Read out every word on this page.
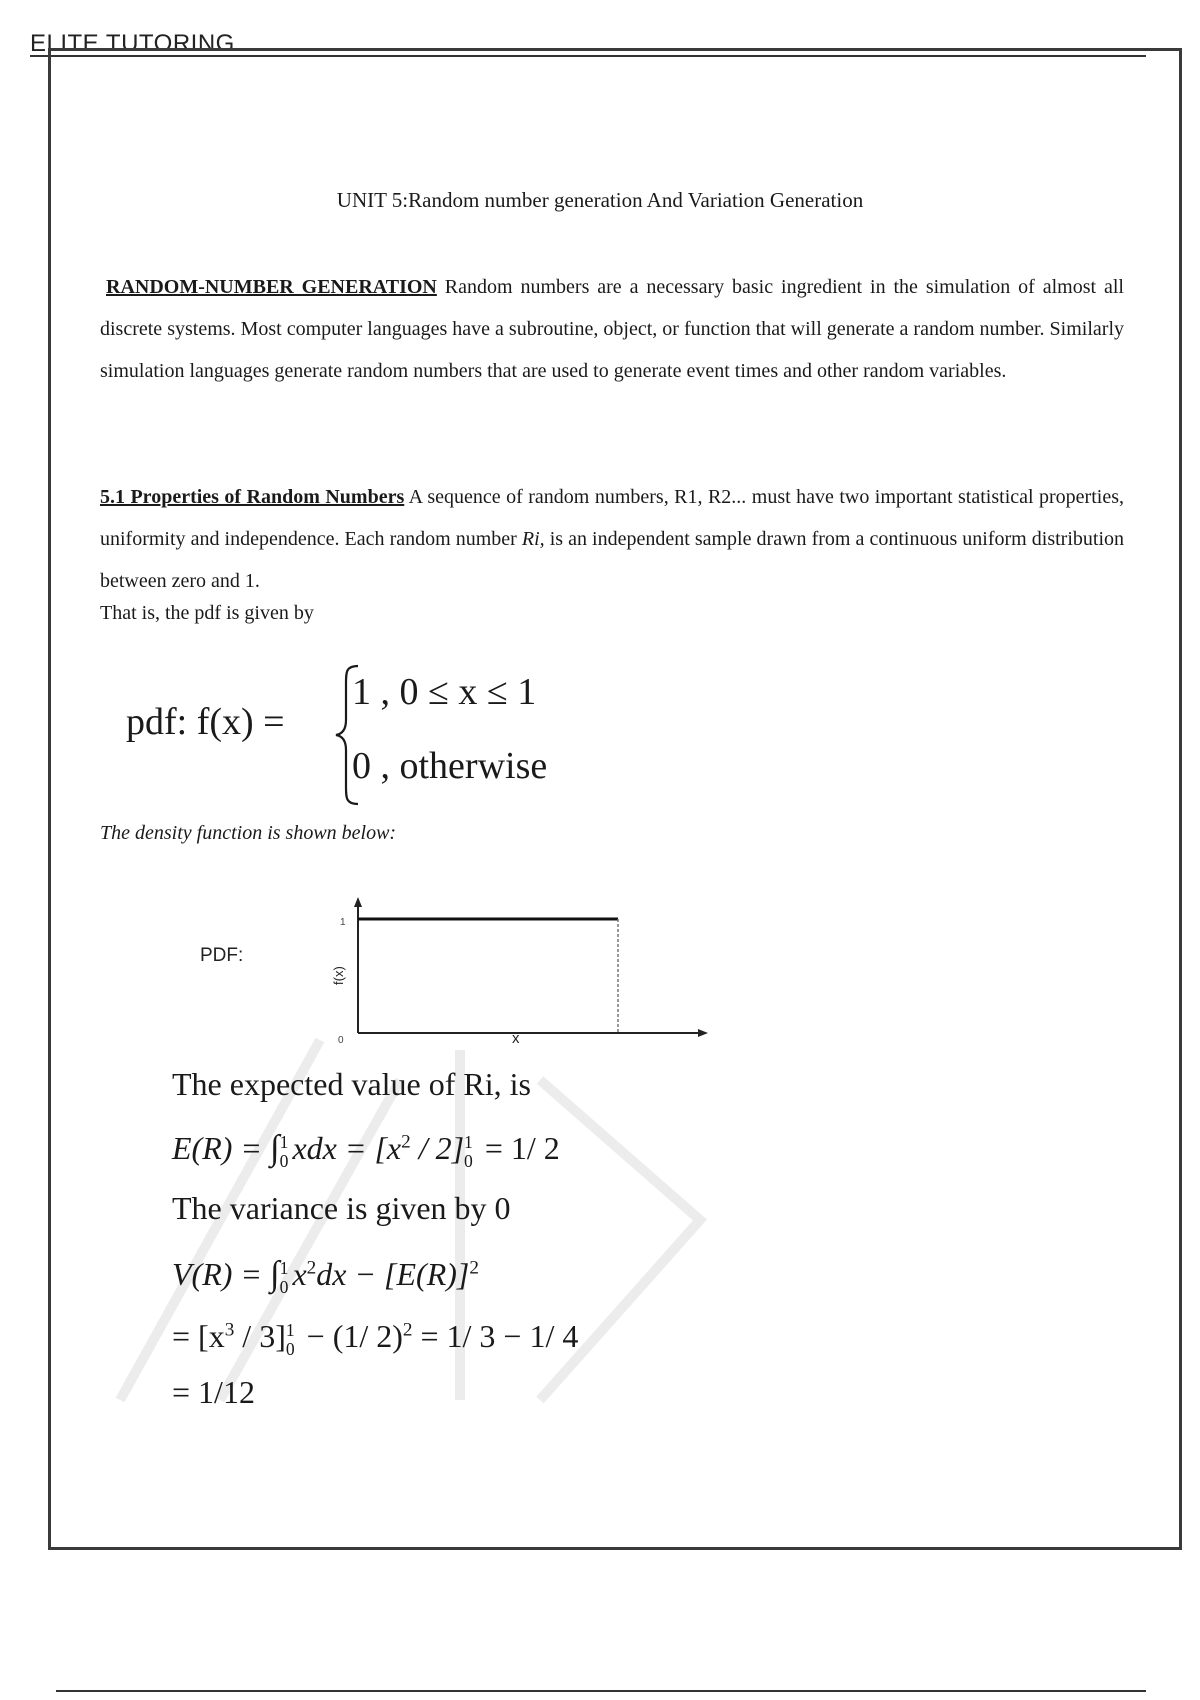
ELITE TUTORING
UNIT 5:Random number generation And Variation Generation
RANDOM-NUMBER GENERATION Random numbers are a necessary basic ingredient in the simulation of almost all discrete systems. Most computer languages have a subroutine, object, or function that will generate a random number. Similarly simulation languages generate random numbers that are used to generate event times and other random variables.
5.1 Properties of Random Numbers A sequence of random numbers, R1, R2... must have two important statistical properties, uniformity and independence. Each random number Ri, is an independent sample drawn from a continuous uniform distribution between zero and 1.
That is, the pdf is given by
pdf: f(x) =
1 , 0 ≤ x ≤ 1
0 , otherwise
The density function is shown below:
PDF:
1
0	x
f(x)
The expected value of Ri, is
E(R) = ∫1
0 xdx = $[x^2 / 2]1$
0 = 1/ 2
The variance is given by 0
V(R) = ∫1
0 $x^2dx - [E(R)]^2$
= $[x^3 / 3]1$
0 − (1/ 2)$^2$ = 1/ 3 − 1/ 4
= 1/12
